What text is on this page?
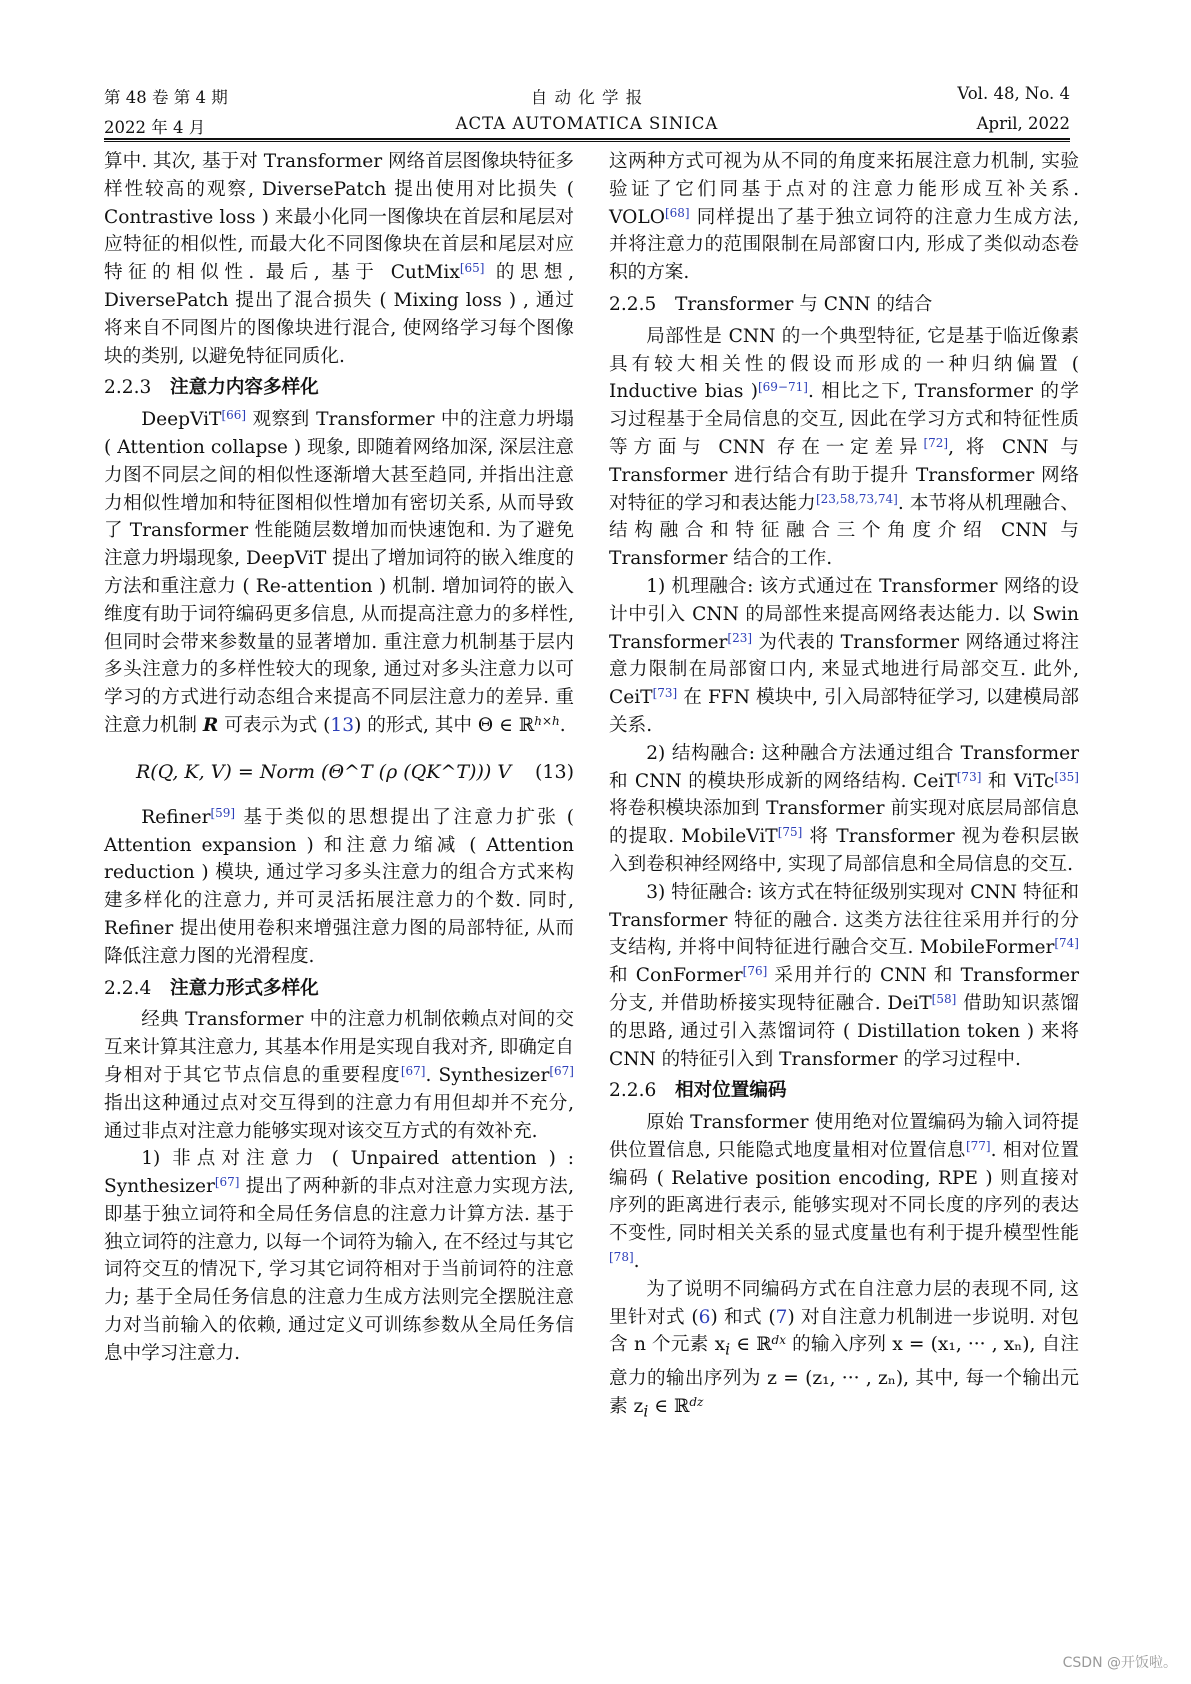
第 48 卷 第 4 期	自 动 化 学 报	Vol. 48, No. 4
2022 年 4 月	ACTA AUTOMATICA SINICA	April, 2022

算中. 其次, 基于对 Transformer 网络首层图像块特征多样性较高的观察, DiversePatch 提出使用对比损失 ( Contrastive loss ) 来最小化同一图像块在首层和尾层对应特征的相似性, 而最大化不同图像块在首层和尾层对应特征的相似性. 最后, 基于 CutMix[65] 的思想, DiversePatch 提出了混合损失 ( Mixing loss ) , 通过将来自不同图片的图像块进行混合, 使网络学习每个图像块的类别, 以避免特征同质化.

2.2.3 注意力内容多样化

DeepViT[66] 观察到 Transformer 中的注意力坍塌 ( Attention collapse ) 现象, 即随着网络加深, 深层注意力图不同层之间的相似性逐渐增大甚至趋同, 并指出注意力相似性增加和特征图相似性增加有密切关系, 从而导致了 Transformer 性能随层数增加而快速饱和. 为了避免注意力坍塌现象, DeepViT 提出了增加词符的嵌入维度的方法和重注意力 ( Re-attention ) 机制. 增加词符的嵌入维度有助于词符编码更多信息, 从而提高注意力的多样性, 但同时会带来参数量的显著增加. 重注意力机制基于层内多头注意力的多样性较大的现象, 通过对多头注意力以可学习的方式进行动态组合来提高不同层注意力的差异. 重注意力机制 R 可表示为式 (13) 的形式, 其中 Θ ∈ ℝ$^{h\times h}$.

R(Q, K, V) = Norm (Θ^T (ρ (QK^T))) V (13)

Refiner[59] 基于类似的思想提出了注意力扩张 ( Attention expansion ) 和注意力缩减 ( Attention reduction ) 模块, 通过学习多头注意力的组合方式来构建多样化的注意力, 并可灵活拓展注意力的个数. 同时, Refiner 提出使用卷积来增强注意力图的局部特征, 从而降低注意力图的光滑程度.

2.2.4 注意力形式多样化

经典 Transformer 中的注意力机制依赖点对间的交互来计算其注意力, 其基本作用是实现自我对齐, 即确定自身相对于其它节点信息的重要程度[67]. Synthesizer[67] 指出这种通过点对交互得到的注意力有用但却并不充分, 通过非点对注意力能够实现对该交互方式的有效补充.

1) 非点对注意力 ( Unpaired attention ) : Synthesizer[67] 提出了两种新的非点对注意力实现方法, 即基于独立词符和全局任务信息的注意力计算方法. 基于独立词符的注意力, 以每一个词符为输入, 在不经过与其它词符交互的情况下, 学习其它词符相对于当前词符的注意力; 基于全局任务信息的注意力生成方法则完全摆脱注意力对当前输入的依赖, 通过定义可训练参数从全局任务信息中学习注意力.

这两种方式可视为从不同的角度来拓展注意力机制, 实验验证了它们同基于点对的注意力能形成互补关系. VOLO[68] 同样提出了基于独立词符的注意力生成方法, 并将注意力的范围限制在局部窗口内, 形成了类似动态卷积的方案.

2.2.5 Transformer 与 CNN 的结合

局部性是 CNN 的一个典型特征, 它是基于临近像素具有较大相关性的假设而形成的一种归纳偏置 ( Inductive bias )[69−71]. 相比之下, Transformer 的学习过程基于全局信息的交互, 因此在学习方式和特征性质等方面与 CNN 存在一定差异[72], 将 CNN 与 Transformer 进行结合有助于提升 Transformer 网络对特征的学习和表达能力[23,58,73,74]. 本节将从机理融合、结构融合和特征融合三个角度介绍 CNN 与 Transformer 结合的工作.

1) 机理融合: 该方式通过在 Transformer 网络的设计中引入 CNN 的局部性来提高网络表达能力. 以 Swin Transformer[23] 为代表的 Transformer 网络通过将注意力限制在局部窗口内, 来显式地进行局部交互. 此外, CeiT[73] 在 FFN 模块中, 引入局部特征学习, 以建模局部关系.

2) 结构融合: 这种融合方法通过组合 Transformer 和 CNN 的模块形成新的网络结构. CeiT[73] 和 ViTc[35] 将卷积模块添加到 Transformer 前实现对底层局部信息的提取. MobileViT[75] 将 Transformer 视为卷积层嵌入到卷积神经网络中, 实现了局部信息和全局信息的交互.

3) 特征融合: 该方式在特征级别实现对 CNN 特征和 Transformer 特征的融合. 这类方法往往采用并行的分支结构, 并将中间特征进行融合交互. MobileFormer[74] 和 ConFormer[76] 采用并行的 CNN 和 Transformer 分支, 并借助桥接实现特征融合. DeiT[58] 借助知识蒸馏的思路, 通过引入蒸馏词符 ( Distillation token ) 来将 CNN 的特征引入到 Transformer 的学习过程中.

2.2.6 相对位置编码

原始 Transformer 使用绝对位置编码为输入词符提供位置信息, 只能隐式地度量相对位置信息[77]. 相对位置编码 ( Relative position encoding, RPE ) 则直接对序列的距离进行表示, 能够实现对不同长度的序列的表达不变性, 同时相关关系的显式度量也有利于提升模型性能[78].

为了说明不同编码方式在自注意力层的表现不同, 这里针对式 (6) 和式 (7) 对自注意力机制进一步说明. 对包含 n 个元素 $x_i$ ∈ ℝ$^{dx}$ 的输入序列 x = (x₁, ··· , xₙ), 自注意力的输出序列为 z = (z₁, ··· , zₙ), 其中, 每一个输出元素 $z_i$ ∈ ℝ$^{dz}$

CSDN @开饭啦。
